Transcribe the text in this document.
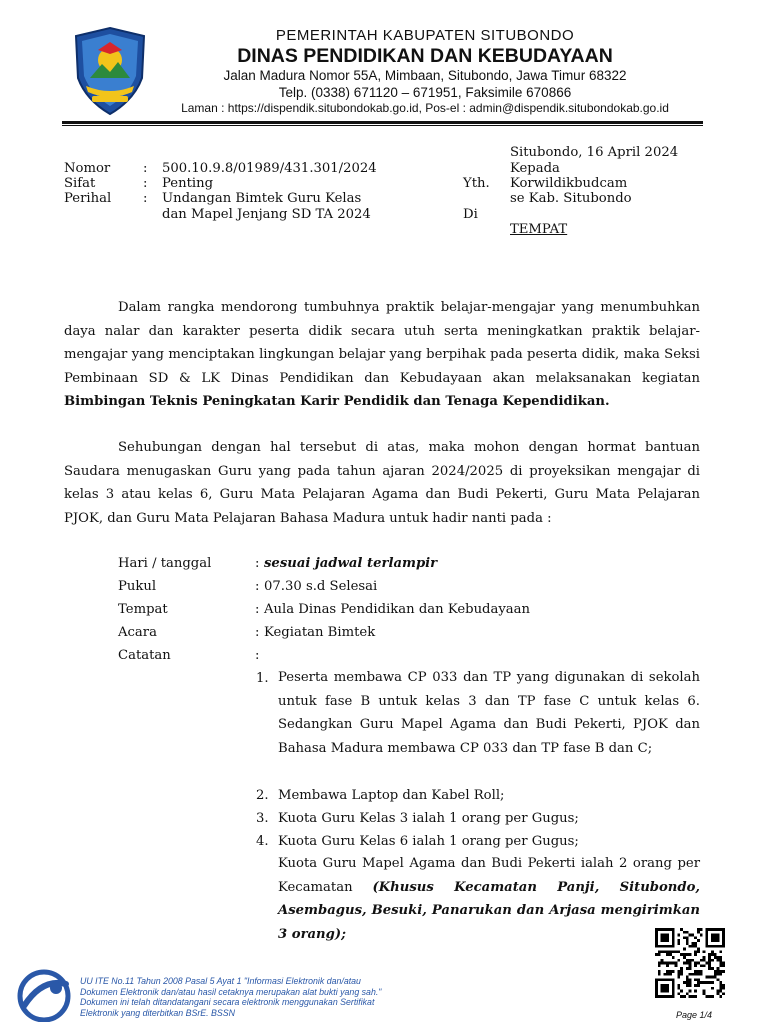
PEMERINTAH KABUPATEN SITUBONDO
DINAS PENDIDIKAN DAN KEBUDAYAAN
Jalan Madura Nomor 55A, Mimbaan, Situbondo, Jawa Timur 68322
Telp. (0338) 671120 – 671951, Faksimile 670866
Laman : https://dispendik.situbondokab.go.id, Pos-el : admin@dispendik.situbondokab.go.id
Situbondo, 16 April 2024
Kepada
Yth. Korwildikbudcam
se Kab. Situbondo
Di
TEMPAT
Nomor : 500.10.9.8/01989/431.301/2024
Sifat	: Penting
Perihal : Undangan Bimtek Guru Kelas
dan Mapel Jenjang SD TA 2024
Dalam rangka mendorong tumbuhnya praktik belajar-mengajar yang menumbuhkan daya nalar dan karakter peserta didik secara utuh serta meningkatkan praktik belajar-mengajar yang menciptakan lingkungan belajar yang berpihak pada peserta didik, maka Seksi Pembinaan SD & LK Dinas Pendidikan dan Kebudayaan akan melaksanakan kegiatan Bimbingan Teknis Peningkatan Karir Pendidik dan Tenaga Kependidikan.
Sehubungan dengan hal tersebut di atas, maka mohon dengan hormat bantuan Saudara menugaskan Guru yang pada tahun ajaran 2024/2025 di proyeksikan mengajar di kelas 3 atau kelas 6, Guru Mata Pelajaran Agama dan Budi Pekerti, Guru Mata Pelajaran PJOK, dan Guru Mata Pelajaran Bahasa Madura untuk hadir nanti pada :
Hari / tanggal	: sesuai jadwal terlampir
Pukul	: 07.30 s.d Selesai
Tempat	: Aula Dinas Pendidikan dan Kebudayaan
Acara	: Kegiatan Bimtek
Catatan	:
1. Peserta membawa CP 033 dan TP yang digunakan di sekolah untuk fase B untuk kelas 3 dan TP fase C untuk kelas 6. Sedangkan Guru Mapel Agama dan Budi Pekerti, PJOK dan Bahasa Madura membawa CP 033 dan TP fase B dan C;
2. Membawa Laptop dan Kabel Roll;
3. Kuota Guru Kelas 3 ialah 1 orang per Gugus;
4. Kuota Guru Kelas 6 ialah 1 orang per Gugus;
Kuota Guru Mapel Agama dan Budi Pekerti ialah 2 orang per Kecamatan (Khusus Kecamatan Panji, Situbondo, Asembagus, Besuki, Panarukan dan Arjasa mengirimkan 3 orang);
UU ITE No.11 Tahun 2008 Pasal 5 Ayat 1 "Informasi Elektronik dan/atau
Dokumen Elektronik dan/atau hasil cetaknya merupakan alat bukti yang sah."
Dokumen ini telah ditandatangani secara elektronik menggunakan Sertifikat
Elektronik yang diterbitkan BSrE. BSSN	Page 1/4
